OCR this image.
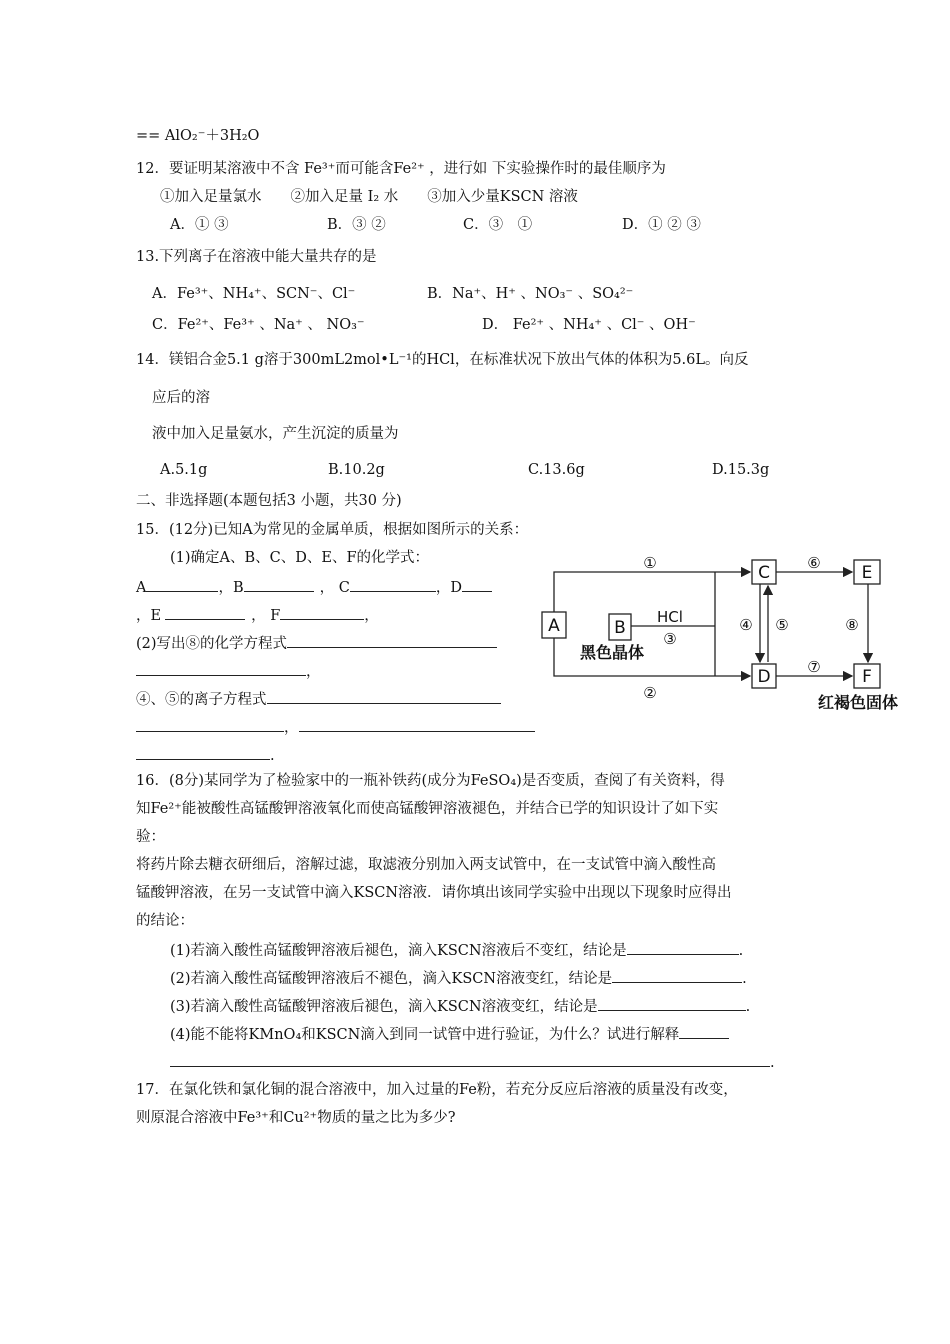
== AlO₂⁻＋3H₂O
12．要证明某溶液中不含 Fe³⁺而可能含Fe²⁺ ，进行如 下实验操作时的最佳顺序为
①加入足量氯水　　②加入足量 I₂ 水　　③加入少量KSCN 溶液
A．① ③	B．③ ②	C．③　①	D．① ② ③
13.下列离子在溶液中能大量共存的是
A．Fe³⁺、NH₄⁺、SCN⁻、Cl⁻	B．Na⁺、H⁺ 、NO₃⁻ 、SO₄²⁻
C．Fe²⁺、Fe³⁺ 、Na⁺ 、 NO₃⁻	D． Fe²⁺ 、NH₄⁺ 、Cl⁻ 、OH⁻
14．镁铝合金5.1 g溶于300mL2mol•L⁻¹的HCl，在标准状况下放出气体的体积为5.6L。向反
应后的溶
液中加入足量氨水，产生沉淀的质量为
A.5.1g	B.10.2g	C.13.6g	D.15.3g
二、非选择题(本题包括3 小题，共30 分)
15．(12分)已知A为常见的金属单质，根据如图所示的关系：
(1)确定A、B、C、D、E、F的化学式：
A	，B	， C	，D
，E	， F	，
(2)写出⑧的化学方程式
，
④、⑤的离子方程式
，
.
A	B
C
D
E
F
①
②
③
HCl	④ ⑤
⑥
⑦
⑧
黑色晶体
红褐色固体
16．(8分)某同学为了检验家中的一瓶补铁药(成分为FeSO₄)是否变质，查阅了有关资料，得
知Fe²⁺能被酸性高锰酸钾溶液氧化而使高锰酸钾溶液褪色，并结合已学的知识设计了如下实
验：
将药片除去糖衣研细后，溶解过滤，取滤液分别加入两支试管中，在一支试管中滴入酸性高
锰酸钾溶液，在另一支试管中滴入KSCN溶液．请你填出该同学实验中出现以下现象时应得出
的结论：
(1)若滴入酸性高锰酸钾溶液后褪色，滴入KSCN溶液后不变红，结论是	.
(2)若滴入酸性高锰酸钾溶液后不褪色，滴入KSCN溶液变红，结论是	.
(3)若滴入酸性高锰酸钾溶液后褪色，滴入KSCN溶液变红，结论是	.
(4)能不能将KMnO₄和KSCN滴入到同一试管中进行验证，为什么？试进行解释
.
17．在氯化铁和氯化铜的混合溶液中，加入过量的Fe粉，若充分反应后溶液的质量没有改变，
则原混合溶液中Fe³⁺和Cu²⁺物质的量之比为多少?
